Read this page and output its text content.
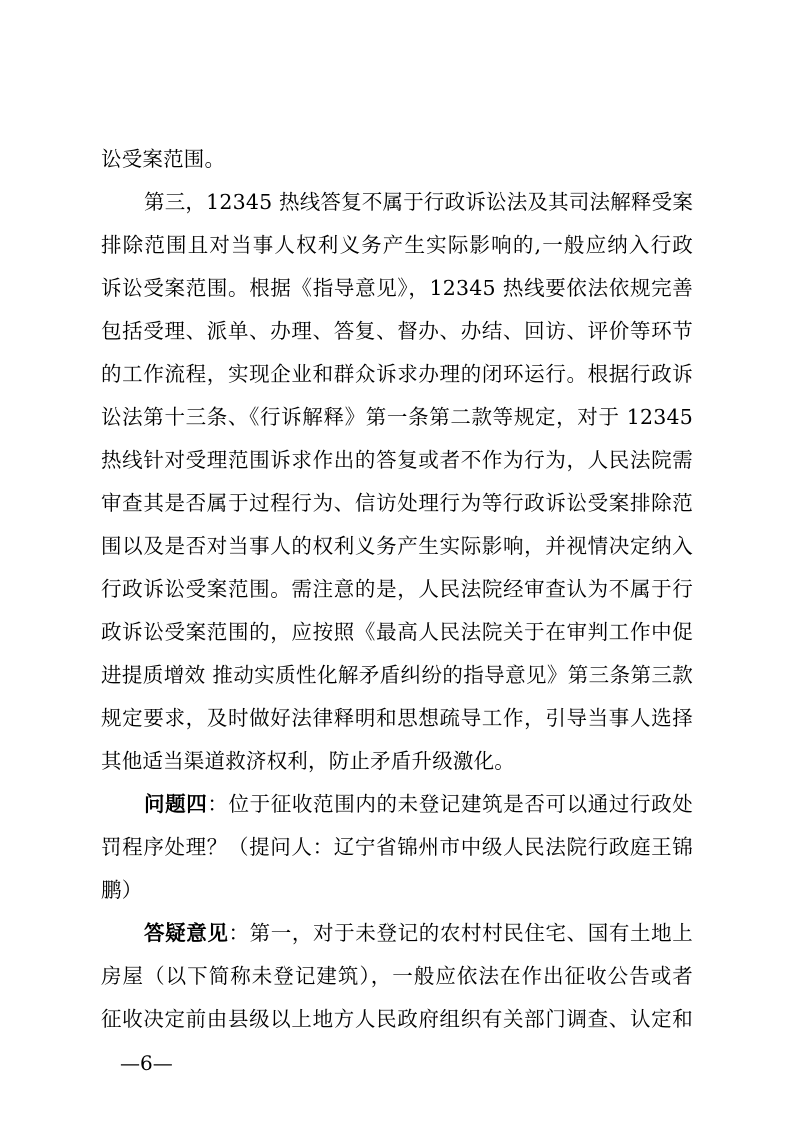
讼受案范围。
第三，12345 热线答复不属于行政诉讼法及其司法解释受案
排除范围且对当事人权利义务产生实际影响的,一般应纳入行政
诉讼受案范围。根据《指导意见》，12345 热线要依法依规完善
包括受理、派单、办理、答复、督办、办结、回访、评价等环节
的工作流程，实现企业和群众诉求办理的闭环运行。根据行政诉
讼法第十三条、《行诉解释》第一条第二款等规定，对于 12345
热线针对受理范围诉求作出的答复或者不作为行为，人民法院需
审查其是否属于过程行为、信访处理行为等行政诉讼受案排除范
围以及是否对当事人的权利义务产生实际影响，并视情决定纳入
行政诉讼受案范围。需注意的是，人民法院经审查认为不属于行
政诉讼受案范围的，应按照《最高人民法院关于在审判工作中促
进提质增效 推动实质性化解矛盾纠纷的指导意见》第三条第三款
规定要求，及时做好法律释明和思想疏导工作，引导当事人选择
其他适当渠道救济权利，防止矛盾升级激化。
问题四：位于征收范围内的未登记建筑是否可以通过行政处
罚程序处理？（提问人：辽宁省锦州市中级人民法院行政庭王锦
鹏）
答疑意见：第一，对于未登记的农村村民住宅、国有土地上
房屋（以下简称未登记建筑），一般应依法在作出征收公告或者
征收决定前由县级以上地方人民政府组织有关部门调查、认定和
—6—
